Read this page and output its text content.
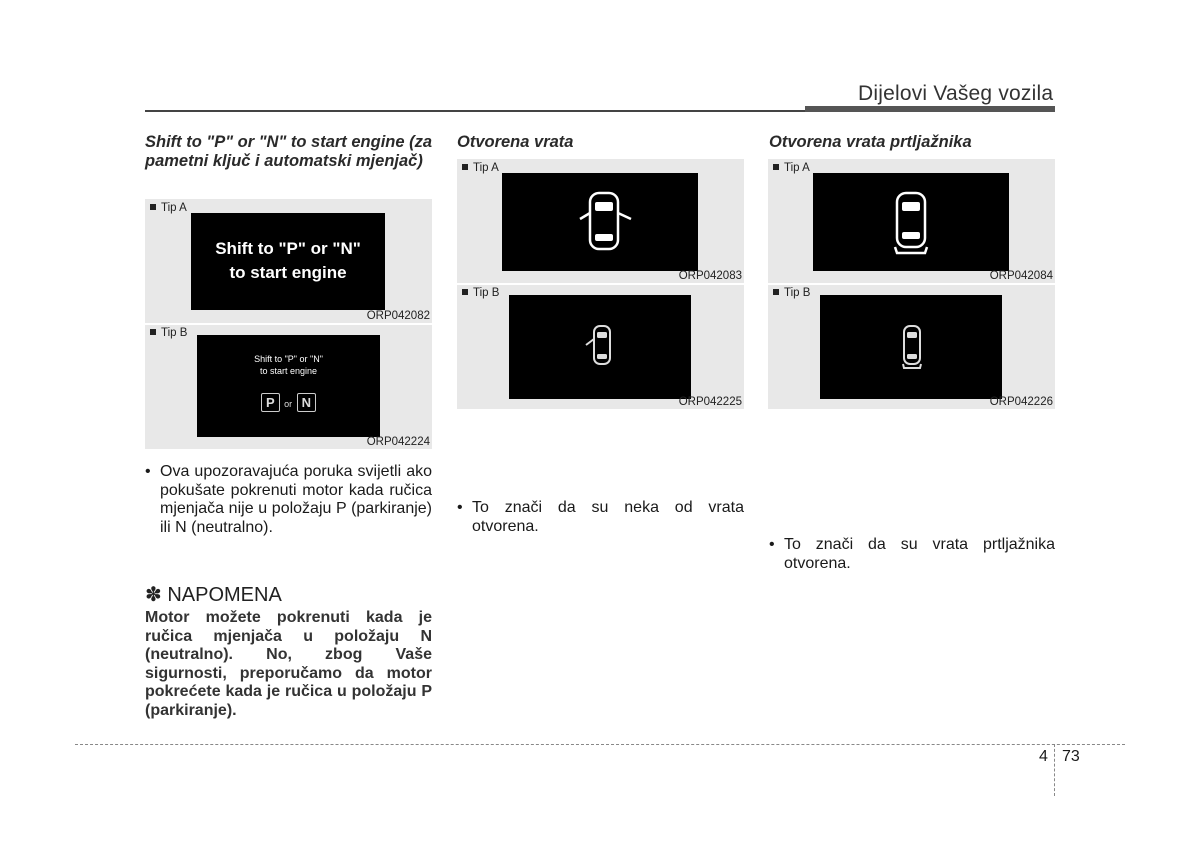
Dijelovi Vašeg vozila
Shift to "P" or "N" to start engine (za pametni ključ i automatski mjenjač)
Tip A
Shift to "P" or "N"
to start engine
ORP042082
Tip B
Shift to "P" or "N"
to start engine
P or N
ORP042224
• Ova upozoravajuća poruka svijetli ako pokušate pokrenuti motor kada ručica mjenjača nije u položaju P (parkiranje) ili N (neutralno).
✽ NAPOMENA
Motor možete pokrenuti kada je ručica mjenjača u položaju N (neutralno). No, zbog Vaše sigurnosti, preporučamo da motor pokrećete kada je ručica u položaju P (parkiranje).
Otvorena vrata
Tip A
ORP042083
Tip B
ORP042225
• To znači da su neka od vrata otvorena.
Otvorena vrata prtljažnika
Tip A
ORP042084
Tip B
ORP042226
• To znači da su vrata prtljažnika otvorena.
4 73
